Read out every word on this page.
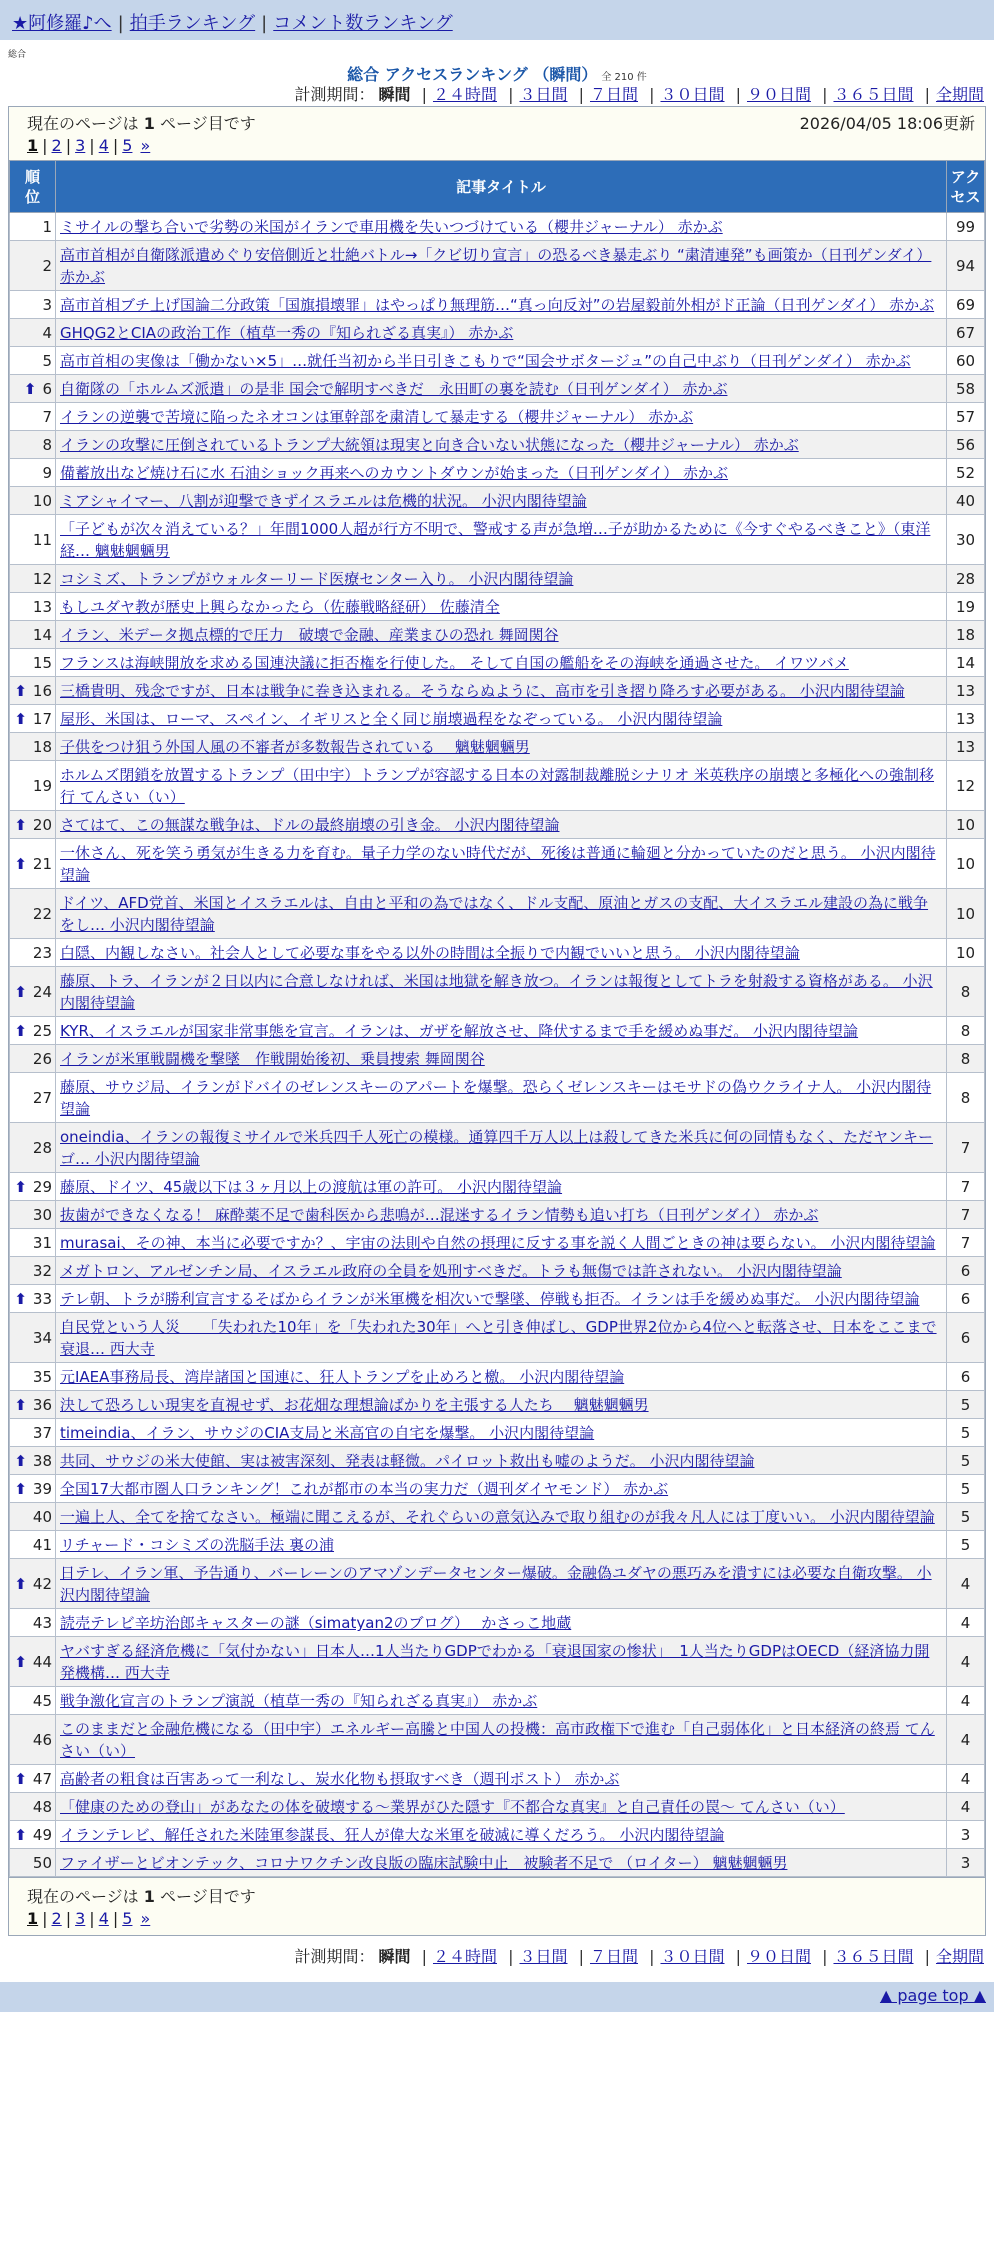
★阿修羅♪へ | 拍手ランキング | コメント数ランキング
総合
総合 アクセスランキング （瞬間） 全 210 件
計測期間： 瞬間 | ２４時間 | ３日間 | ７日間 | ３０日間 | ９０日間 | ３６５日間 | 全期間
現在のページは 1 ページ目です	2026/04/05 18:06更新
1 | 2 | 3 | 4 | 5 »
順位	記事タイトル	アクセス
1	ミサイルの撃ち合いで劣勢の米国がイランで車用機を失いつづけている（櫻井ジャーナル） 赤かぶ	99
2	高市首相が自衛隊派遣めぐり安倍側近と壮絶バトル→「クビ切り宣言」の恐るべき暴走ぶり “粛清連発”も画策か（日刊ゲンダイ） 赤かぶ	94
3	高市首相ブチ上げ国論二分政策「国旗損壊罪」はやっぱり無理筋…“真っ向反対”の岩屋毅前外相がド正論（日刊ゲンダイ） 赤かぶ	69
4	GHQG2とCIAの政治工作（植草一秀の『知られざる真実』） 赤かぶ	67
5	高市首相の実像は「働かない×5」…就任当初から半日引きこもりで“国会サボタージュ”の自己中ぶり（日刊ゲンダイ） 赤かぶ	60
⬆ 6	自衛隊の「ホルムズ派遣」の是非 国会で解明すべきだ　永田町の裏を読む（日刊ゲンダイ） 赤かぶ	58
7	イランの逆襲で苦境に陥ったネオコンは軍幹部を粛清して暴走する（櫻井ジャーナル） 赤かぶ	57
8	イランの攻撃に圧倒されているトランプ大統領は現実と向き合いない状態になった（櫻井ジャーナル） 赤かぶ	56
9	備蓄放出など焼け石に水 石油ショック再来へのカウントダウンが始まった（日刊ゲンダイ） 赤かぶ	52
10	ミアシャイマー、八割が迎撃できずイスラエルは危機的状況。 小沢内閣待望論	40
11	「子どもが次々消えている？」年間1000人超が行方不明で、警戒する声が急増…子が助かるために《今すぐやるべきこと》（東洋経… 魑魅魍魎男	30
12	コシミズ、トランプがウォルターリード医療センター入り。 小沢内閣待望論	28
13	もしユダヤ教が歴史上興らなかったら（佐藤戦略経研） 佐藤清全	19
14	イラン、米データ拠点標的で圧力　破壊で金融、産業まひの恐れ 舞岡関谷	18
15	フランスは海峡開放を求める国連決議に拒否権を行使した。 そして自国の艦船をその海峡を通過させた。 イワツバメ	14
⬆ 16	三橋貴明、残念ですが、日本は戦争に巻き込まれる。そうならぬように、高市を引き摺り降ろす必要がある。 小沢内閣待望論	13
⬆ 17	屋形、米国は、ローマ、スペイン、イギリスと全く同じ崩壊過程をなぞっている。 小沢内閣待望論	13
18	子供をつけ狙う外国人風の不審者が多数報告されている　 魑魅魍魎男	13
19	ホルムズ閉鎖を放置するトランプ（田中宇）トランプが容認する日本の対露制裁離脱シナリオ 米英秩序の崩壊と多極化への強制移行 てんさい（い）	12
⬆ 20	さてはて、この無謀な戦争は、ドルの最終崩壊の引き金。 小沢内閣待望論	10
⬆ 21	一休さん、死を笑う勇気が生きる力を育む。量子力学のない時代だが、死後は普通に輪廻と分かっていたのだと思う。 小沢内閣待望論	10
22	ドイツ、AFD党首、米国とイスラエルは、自由と平和の為ではなく、ドル支配、原油とガスの支配、大イスラエル建設の為に戦争をし… 小沢内閣待望論	10
23	白隠、内観しなさい。社会人として必要な事をやる以外の時間は全振りで内観でいいと思う。 小沢内閣待望論	10
⬆ 24	藤原、トラ、イランが２日以内に合意しなければ、米国は地獄を解き放つ。イランは報復としてトラを射殺する資格がある。 小沢内閣待望論	8
⬆ 25	KYR、イスラエルが国家非常事態を宣言。イランは、ガザを解放させ、降伏するまで手を緩めぬ事だ。 小沢内閣待望論	8
26	イランが米軍戦闘機を撃墜　作戦開始後初、乗員捜索 舞岡関谷	8
27	藤原、サウジ局、イランがドバイのゼレンスキーのアパートを爆撃。恐らくゼレンスキーはモサドの偽ウクライナ人。 小沢内閣待望論	8
28	oneindia、イランの報復ミサイルで米兵四千人死亡の模様。通算四千万人以上は殺してきた米兵に何の同情もなく、ただヤンキーゴ… 小沢内閣待望論	7
⬆ 29	藤原、ドイツ、45歳以下は３ヶ月以上の渡航は軍の許可。 小沢内閣待望論	7
30	抜歯ができなくなる！ 麻酔薬不足で歯科医から悲鳴が…混迷するイラン情勢も追い打ち（日刊ゲンダイ） 赤かぶ	7
31	murasai、その神、本当に必要ですか？、宇宙の法則や自然の摂理に反する事を説く人間ごときの神は要らない。 小沢内閣待望論	7
32	メガトロン、アルゼンチン局、イスラエル政府の全員を処刑すべきだ。トラも無傷では許されない。 小沢内閣待望論	6
⬆ 33	テレ朝、トラが勝利宣言するそばからイランが米軍機を相次いで撃墜、停戦も拒否。イランは手を緩めぬ事だ。 小沢内閣待望論	6
34	自民党という人災　　「失われた10年」を「失われた30年」へと引き伸ばし、GDP世界2位から4位へと転落させ、日本をここまで衰退… 西大寺	6
35	元IAEA事務局長、湾岸諸国と国連に、狂人トランプを止めろと檄。 小沢内閣待望論	6
⬆ 36	決して恐ろしい現実を直視せず、お花畑な理想論ばかりを主張する人たち　 魑魅魍魎男	5
37	timeindia、イラン、サウジのCIA支局と米高官の自宅を爆撃。 小沢内閣待望論	5
⬆ 38	共同、サウジの米大使館、実は被害深刻、発表は軽微。パイロット救出も嘘のようだ。 小沢内閣待望論	5
⬆ 39	全国17大都市圏人口ランキング！これが都市の本当の実力だ（週刊ダイヤモンド） 赤かぶ	5
40	一遍上人、全てを捨てなさい。極端に聞こえるが、それぐらいの意気込みで取り組むのが我々凡人には丁度いい。 小沢内閣待望論	5
41	リチャード・コシミズの洗脳手法 裏の浦	5
⬆ 42	日テレ、イラン軍、予告通り、バーレーンのアマゾンデータセンター爆破。金融偽ユダヤの悪巧みを潰すには必要な自衛攻撃。 小沢内閣待望論	4
43	読売テレビ辛坊治郎キャスターの謎（simatyan2のブログ）　 かさっこ地蔵	4
⬆ 44	ヤバすぎる経済危機に「気付かない」日本人…1人当たりGDPでわかる「衰退国家の惨状」　1人当たりGDPはOECD（経済協力開発機構… 西大寺	4
45	戦争激化宣言のトランプ演説（植草一秀の『知られざる真実』） 赤かぶ	4
46	このままだと金融危機になる（田中宇）エネルギー高騰と中国人の投機：高市政権下で進む「自己弱体化」と日本経済の終焉 てんさい（い）	4
⬆ 47	高齢者の粗食は百害あって一利なし、炭水化物も摂取すべき（週刊ポスト） 赤かぶ	4
48	「健康のための登山」があなたの体を破壊する〜業界がひた隠す『不都合な真実』と自己責任の罠〜 てんさい（い）	4
⬆ 49	イランテレビ、解任された米陸軍参謀長、狂人が偉大な米軍を破滅に導くだろう。 小沢内閣待望論	3
50	ファイザーとビオンテック、コロナワクチン改良版の臨床試験中止　被験者不足で （ロイター） 魑魅魍魎男	3
現在のページは 1 ページ目です
1 | 2 | 3 | 4 | 5 »
計測期間： 瞬間 | ２４時間 | ３日間 | ７日間 | ３０日間 | ９０日間 | ３６５日間 | 全期間
▲ page top ▲
